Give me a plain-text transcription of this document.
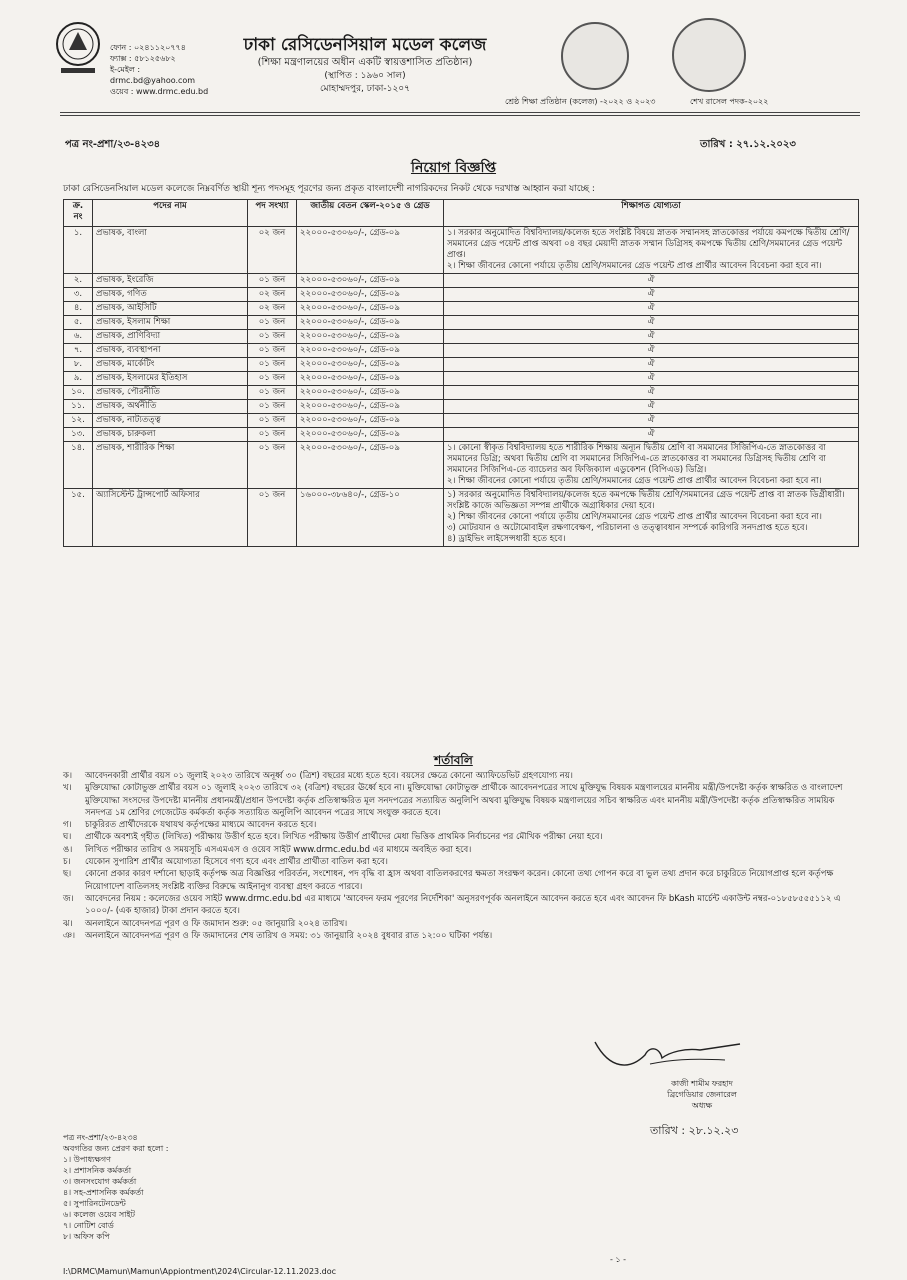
ফোন : ০২৪১১২০৭৭৪
ফ্যাক্স : ৫৮১২৫৬৮২
ই-মেইল : drmc.bd@yahoo.com
ওয়েব : www.drmc.edu.bd
ঢাকা রেসিডেনসিয়াল মডেল কলেজ
(শিক্ষা মন্ত্রণালয়ের অধীন একটি স্বায়ত্তশাসিত প্রতিষ্ঠান)
(স্থাপিত : ১৯৬০ সাল)
মোহাম্মদপুর, ঢাকা-১২০৭
শ্রেষ্ঠ শিক্ষা প্রতিষ্ঠান (কলেজ) -২০২২ ও ২০২৩	শেখ রাসেল পদক-২০২২
পত্র নং-প্রশা/২৩-৪২৩৪	তারিখ : ২৭.১২.২০২৩
নিয়োগ বিজ্ঞপ্তি
ঢাকা রেসিডেনসিয়াল মডেল কলেজে নিম্নবর্ণিত স্থায়ী শূন্য পদসমূহ পূরণের জন্য প্রকৃত বাংলাদেশী নাগরিকদের নিকট থেকে দরখাস্ত আহ্বান করা যাচ্ছে :
ক্র. নং	পদের নাম	পদ সংখ্যা	জাতীয় বেতন স্কেল-২০১৫ ও গ্রেড	শিক্ষাগত যোগ্যতা
১.	প্রভাষক, বাংলা	০২ জন	২২০০০-৫৩০৬০/-, গ্রেড-০৯	১। সরকার অনুমোদিত বিশ্ববিদ্যালয়/কলেজ হতে সংশ্লিষ্ট বিষয়ে স্নাতক সম্মানসহ স্নাতকোত্তর পর্যায়ে কমপক্ষে দ্বিতীয় শ্রেণি/সমমানের গ্রেড পয়েন্ট প্রাপ্ত অথবা ০৪ বছর মেয়াদী স্নাতক সম্মান ডিগ্রিসহ কমপক্ষে দ্বিতীয় শ্রেণি/সমমানের গ্রেড পয়েন্ট প্রাপ্ত।
২। শিক্ষা জীবনের কোনো পর্যায়ে তৃতীয় শ্রেণি/সমমানের গ্রেড পয়েন্ট প্রাপ্ত প্রার্থীর আবেদন বিবেচনা করা হবে না।
২.	প্রভাষক, ইংরেজি	০১ জন	২২০০০-৫৩০৬০/-, গ্রেড-০৯	ঐ
৩.	প্রভাষক, গণিত	০২ জন	২২০০০-৫৩০৬০/-, গ্রেড-০৯	ঐ
৪.	প্রভাষক, আইসিটি	০২ জন	২২০০০-৫৩০৬০/-, গ্রেড-০৯	ঐ
৫.	প্রভাষক, ইসলাম শিক্ষা	০১ জন	২২০০০-৫৩০৬০/-, গ্রেড-০৯	ঐ
৬.	প্রভাষক, প্রাণিবিদ্যা	০১ জন	২২০০০-৫৩০৬০/-, গ্রেড-০৯	ঐ
৭.	প্রভাষক, ব্যবস্থাপনা	০১ জন	২২০০০-৫৩০৬০/-, গ্রেড-০৯	ঐ
৮.	প্রভাষক, মার্কেটিং	০১ জন	২২০০০-৫৩০৬০/-, গ্রেড-০৯	ঐ
৯.	প্রভাষক, ইসলামের ইতিহাস	০১ জন	২২০০০-৫৩০৬০/-, গ্রেড-০৯	ঐ
১০.	প্রভাষক, পৌরনীতি	০১ জন	২২০০০-৫৩০৬০/-, গ্রেড-০৯	ঐ
১১.	প্রভাষক, অর্থনীতি	০১ জন	২২০০০-৫৩০৬০/-, গ্রেড-০৯	ঐ
১২.	প্রভাষক, নাট্যতত্ত্ব	০১ জন	২২০০০-৫৩০৬০/-, গ্রেড-০৯	ঐ
১৩.	প্রভাষক, চারুকলা	০১ জন	২২০০০-৫৩০৬০/-, গ্রেড-০৯	ঐ
১৪.	প্রভাষক, শারীরিক শিক্ষা	০১ জন	২২০০০-৫৩০৬০/-, গ্রেড-০৯	১। কোনো স্বীকৃত বিশ্ববিদ্যালয় হতে শারীরিক শিক্ষায় অন্যূন দ্বিতীয় শ্রেণি বা সমমানের সিজিপিএ-তে স্নাতকোত্তর বা সমমানের ডিগ্রি; অথবা দ্বিতীয় শ্রেণি বা সমমানের সিজিপিএ-তে স্নাতকোত্তর বা সমমানের ডিগ্রিসহ দ্বিতীয় শ্রেণি বা সমমানের সিজিপিএ-তে ব্যাচেলর অব ফিজিক্যাল এডুকেশন (বিপিএড) ডিগ্রি।
২। শিক্ষা জীবনের কোনো পর্যায়ে তৃতীয় শ্রেণি/সমমানের গ্রেড পয়েন্ট প্রাপ্ত প্রার্থীর আবেদন বিবেচনা করা হবে না।
১৫.	অ্যাসিস্টেন্ট ট্রান্সপোর্ট অফিসার	০১ জন	১৬০০০-৩৮৬৪০/-, গ্রেড-১০	১) সরকার অনুমোদিত বিশ্ববিদ্যালয়/কলেজ হতে কমপক্ষে দ্বিতীয় শ্রেণি/সমমানের গ্রেড পয়েন্ট প্রাপ্ত বা স্নাতক ডিগ্রীধারী। সংশ্লিষ্ট কাজে অভিজ্ঞতা সম্পন্ন প্রার্থীকে অগ্রাধিকার দেয়া হবে।
২) শিক্ষা জীবনের কোনো পর্যায়ে তৃতীয় শ্রেণি/সমমানের গ্রেড পয়েন্ট প্রাপ্ত প্রার্থীর আবেদন বিবেচনা করা হবে না।
৩) মোটরযান ও অটোমোবাইল রক্ষণাবেক্ষণ, পরিচালনা ও তত্ত্বাবধান সম্পর্কে কারিগরি সনদপ্রাপ্ত হতে হবে।
৪) ড্রাইভিং লাইসেন্সধারী হতে হবে।
শর্তাবলি
ক।	আবেদনকারী প্রার্থীর বয়স ০১ জুলাই ২০২৩ তারিখে অনূর্ধ্ব ৩০ (ত্রিশ) বছরের মধ্যে হতে হবে। বয়সের ক্ষেত্রে কোনো অ্যাফিডেভিট গ্রহণযোগ্য নয়।
খ।	মুক্তিযোদ্ধা কোটাভুক্ত প্রার্থীর বয়স ০১ জুলাই ২০২৩ তারিখে ৩২ (বত্রিশ) বছরের ঊর্ধ্বে হবে না। মুক্তিযোদ্ধা কোটাভুক্ত প্রার্থীকে আবেদনপত্রের সাথে মুক্তিযুদ্ধ বিষয়ক মন্ত্রণালয়ের মাননীয় মন্ত্রী/উপদেষ্টা কর্তৃক স্বাক্ষরিত ও বাংলাদেশ মুক্তিযোদ্ধা সংসদের উপদেষ্টা মাননীয় প্রধানমন্ত্রী/প্রধান উপদেষ্টা কর্তৃক প্রতিস্বাক্ষরিত মূল সনদপত্রের সত্যায়িত অনুলিপি অথবা মুক্তিযুদ্ধ বিষয়ক মন্ত্রণালয়ের সচিব স্বাক্ষরিত এবং মাননীয় মন্ত্রী/উপদেষ্টা কর্তৃক প্রতিস্বাক্ষরিত সাময়িক সনদপত্র ১ম শ্রেণির গেজেটেড কর্মকর্তা কর্তৃক সত্যায়িত অনুলিপি আবেদন পত্রের সাথে সংযুক্ত করতে হবে।
গ।	চাকুরিরত প্রার্থীদেরকে যথাযথ কর্তৃপক্ষের মাধ্যমে আবেদন করতে হবে।
ঘ।	প্রার্থীকে অবশ্যই গৃহীত (লিখিত) পরীক্ষায় উত্তীর্ণ হতে হবে। লিখিত পরীক্ষায় উত্তীর্ণ প্রার্থীদের মেধা ভিত্তিক প্রাথমিক নির্বাচনের পর মৌখিক পরীক্ষা নেয়া হবে।
ঙ।	লিখিত পরীক্ষার তারিখ ও সময়সূচি এসএমএস ও ওয়েব সাইট www.drmc.edu.bd এর মাধ্যমে অবহিত করা হবে।
চ।	যেকোন সুপারিশ প্রার্থীর অযোগ্যতা হিসেবে গণ্য হবে এবং প্রার্থীর প্রার্থীতা বাতিল করা হবে।
ছ।	কোনো প্রকার কারণ দর্শানো ছাড়াই কর্তৃপক্ষ অত্র বিজ্ঞপ্তির পরিবর্তন, সংশোধন, পদ বৃদ্ধি বা হ্রাস অথবা বাতিলকরণের ক্ষমতা সংরক্ষণ করেন। কোনো তথ্য গোপন করে বা ভুল তথ্য প্রদান করে চাকুরিতে নিয়োগপ্রাপ্ত হলে কর্তৃপক্ষ নিয়োগাদেশ বাতিলসহ সংশ্লিষ্ট ব্যক্তির বিরুদ্ধে আইনানুগ ব্যবস্থা গ্রহণ করতে পারবে।
জ।	আবেদনের নিয়ম : কলেজের ওয়েব সাইট www.drmc.edu.bd এর মাধ্যমে 'আবেদন ফরম পূরণের নির্দেশিকা' অনুসরণপূর্বক অনলাইনে আবেদন করতে হবে এবং আবেদন ফি bKash মার্চেন্ট একাউন্ট নম্বর-০১৮৫৮৫৫৫১১২ এ ১০০০/- (এক হাজার) টাকা প্রদান করতে হবে।
ঝ।	অনলাইনে আবেদনপত্র পূরণ ও ফি জমাদান শুরু: ০৫ জানুয়ারি ২০২৪ তারিখ।
ঞ।	অনলাইনে আবেদনপত্র পূরণ ও ফি জমাদানের শেষ তারিখ ও সময়: ৩১ জানুয়ারি ২০২৪ বুধবার রাত ১২:০০ ঘটিকা পর্যন্ত।
কাজী শামীম ফরহাদ
ব্রিগেডিয়ার জেনারেল
অধ্যক্ষ
তারিখ : ২৮.১২.২৩
পত্র নং-প্রশা/২৩-৪২৩৪
অবগতির জন্য প্রেরণ করা হলো :
১। উপাধ্যক্ষগণ
২। প্রশাসনিক কর্মকর্তা
৩। জনসংযোগ কর্মকর্তা
৪। সহ-প্রশাসনিক কর্মকর্তা
৫। সুপারিনটেনডেন্ট
৬। কলেজ ওয়েব সাইট
৭। নোটিশ বোর্ড
৮। অফিস কপি
- ১ -
I:\DRMC\Mamun\Mamun\Appiontment\2024\Circular-12.11.2023.doc
